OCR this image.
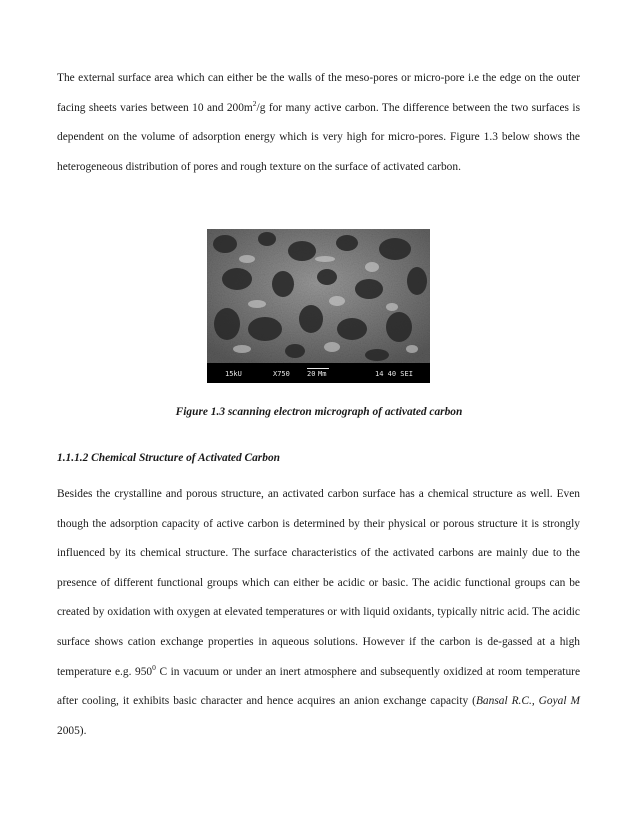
The external surface area which can either be the walls of the meso-pores or micro-pore i.e the edge on the outer facing sheets varies between 10 and $200m^2/g$ for many active carbon. The difference between the two surfaces is dependent on the volume of adsorption energy which is very high for micro-pores. Figure 1.3 below shows the heterogeneous distribution of pores and rough texture on the surface of activated carbon.

15kU	X750 20 Mm	14 40 SEI
Figure 1.3 scanning electron micrograph of activated carbon
1.1.1.2 Chemical Structure of Activated Carbon

Besides the crystalline and porous structure, an activated carbon surface has a chemical structure as well. Even though the adsorption capacity of active carbon is determined by their physical or porous structure it is strongly influenced by its chemical structure. The surface characteristics of the activated carbons are mainly due to the presence of different functional groups which can either be acidic or basic. The acidic functional groups can be created by oxidation with oxygen at elevated temperatures or with liquid oxidants, typically nitric acid. The acidic surface shows cation exchange properties in aqueous solutions. However if the carbon is de-gassed at a high temperature e.g. $950^0$ C in vacuum or under an inert atmosphere and subsequently oxidized at room temperature after cooling, it exhibits basic character and hence acquires an anion exchange capacity (Bansal R.C., Goyal M 2005).
